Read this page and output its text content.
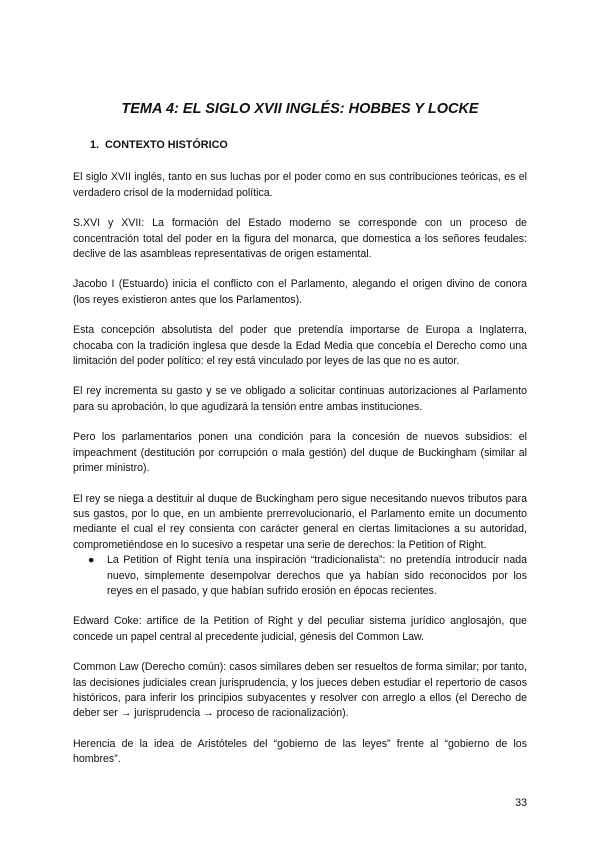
TEMA 4: EL SIGLO XVII INGLÉS: HOBBES Y LOCKE
1. CONTEXTO HISTÓRICO

El siglo XVII inglés, tanto en sus luchas por el poder como en sus contribuciones teóricas, es el verdadero crisol de la modernidad política.

S.XVI y XVII: La formación del Estado moderno se corresponde con un proceso de concentración total del poder en la figura del monarca, que domestica a los señores feudales: declive de las asambleas representativas de origen estamental.

Jacobo I (Estuardo) inicia el conflicto con el Parlamento, alegando el origen divino de conora (los reyes existieron antes que los Parlamentos).

Esta concepción absolutista del poder que pretendía importarse de Europa a Inglaterra, chocaba con la tradición inglesa que desde la Edad Media que concebía el Derecho como una limitación del poder político: el rey está vinculado por leyes de las que no es autor.

El rey incrementa su gasto y se ve obligado a solicitar continuas autorizaciones al Parlamento para su aprobación, lo que agudizará la tensión entre ambas instituciones.

Pero los parlamentarios ponen una condición para la concesión de nuevos subsidios: el impeachment (destitución por corrupción o mala gestión) del duque de Buckingham (similar al primer ministro).

El rey se niega a destituir al duque de Buckingham pero sigue necesitando nuevos tributos para sus gastos, por lo que, en un ambiente prerrevolucionario, el Parlamento emite un documento mediante el cual el rey consienta con carácter general en ciertas limitaciones a su autoridad, comprometiéndose en lo sucesivo a respetar una serie de derechos: la Petition of Right.

● La Petition of Right tenía una inspiración “tradicionalista”: no pretendía introducir nada nuevo, simplemente desempolvar derechos que ya habían sido reconocidos por los reyes en el pasado, y que habían sufrido erosión en épocas recientes.

Edward Coke: artífice de la Petition of Right y del peculiar sistema jurídico anglosajón, que concede un papel central al precedente judicial, génesis del Common Law.

Common Law (Derecho común): casos similares deben ser resueltos de forma similar; por tanto, las decisiones judiciales crean jurisprudencia, y los jueces deben estudiar el repertorio de casos históricos, para inferir los principios subyacentes y resolver con arreglo a ellos (el Derecho de deber ser → jurisprudencia → proceso de racionalización).

Herencia de la idea de Aristóteles del “gobierno de las leyes” frente al “gobierno de los hombres”.

33
